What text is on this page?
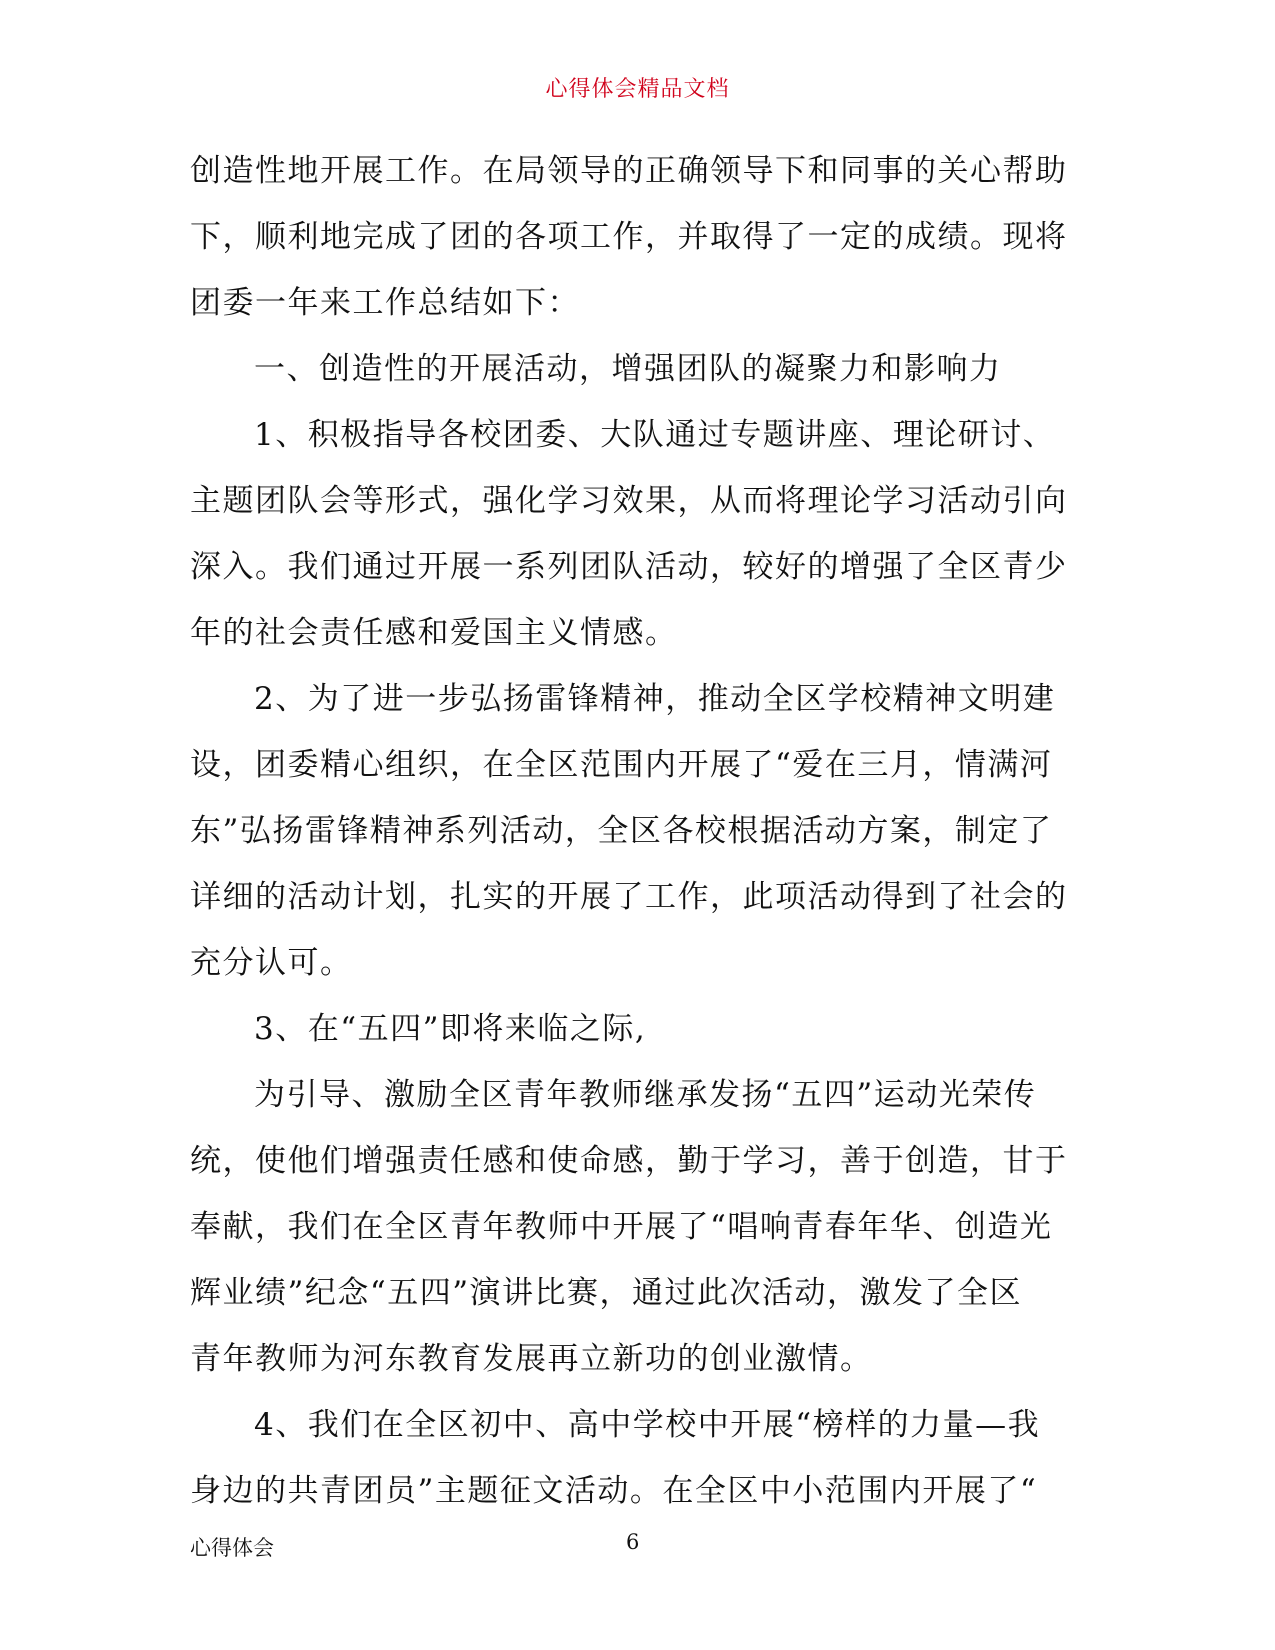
心得体会精品文档
创造性地开展工作。在局领导的正确领导下和同事的关心帮助
下，顺利地完成了团的各项工作，并取得了一定的成绩。现将
团委一年来工作总结如下：
一、创造性的开展活动，增强团队的凝聚力和影响力
1、积极指导各校团委、大队通过专题讲座、理论研讨、
主题团队会等形式，强化学习效果，从而将理论学习活动引向
深入。我们通过开展一系列团队活动，较好的增强了全区青少
年的社会责任感和爱国主义情感。
2、为了进一步弘扬雷锋精神，推动全区学校精神文明建
设，团委精心组织，在全区范围内开展了“爱在三月，情满河
东”弘扬雷锋精神系列活动，全区各校根据活动方案，制定了
详细的活动计划，扎实的开展了工作，此项活动得到了社会的
充分认可。
3、在“五四”即将来临之际,
为引导、激励全区青年教师继承发扬“五四”运动光荣传
统，使他们增强责任感和使命感，勤于学习，善于创造，甘于
奉献，我们在全区青年教师中开展了“唱响青春年华、创造光
辉业绩”纪念“五四”演讲比赛，通过此次活动，激发了全区
青年教师为河东教育发展再立新功的创业激情。
4、我们在全区初中、高中学校中开展“榜样的力量—我
身边的共青团员”主题征文活动。在全区中小范围内开展了“
心得体会	6
